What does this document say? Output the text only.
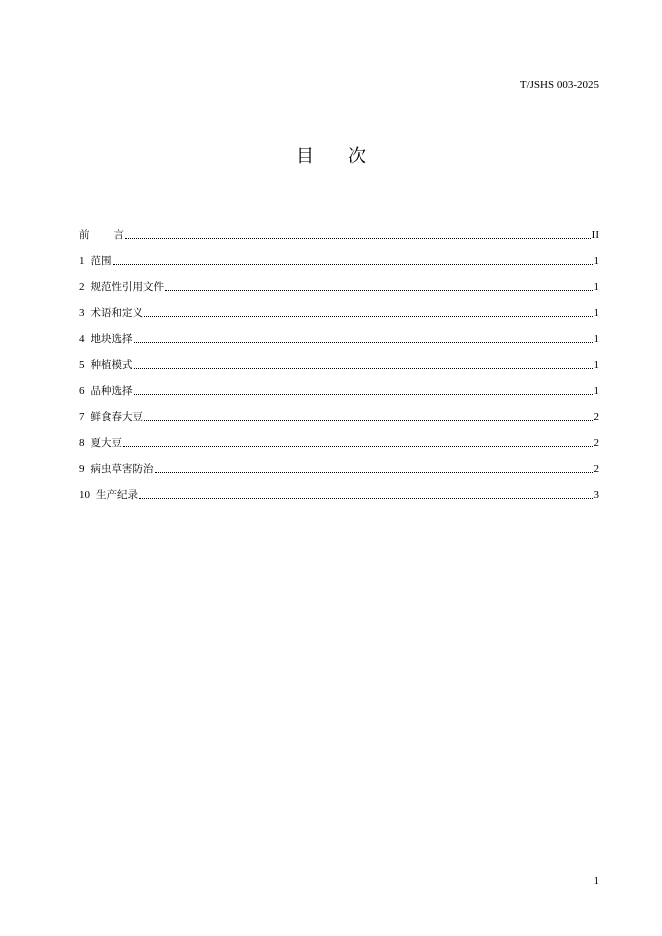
T/JSHS 003-2025
目 次
前 言	II
1 范围	1
2 规范性引用文件	1
3 术语和定义	1
4 地块选择	1
5 种植模式	1
6 品种选择	1
7 鲜食春大豆	2
8 夏大豆	2
9 病虫草害防治	2
10 生产纪录	3
1
